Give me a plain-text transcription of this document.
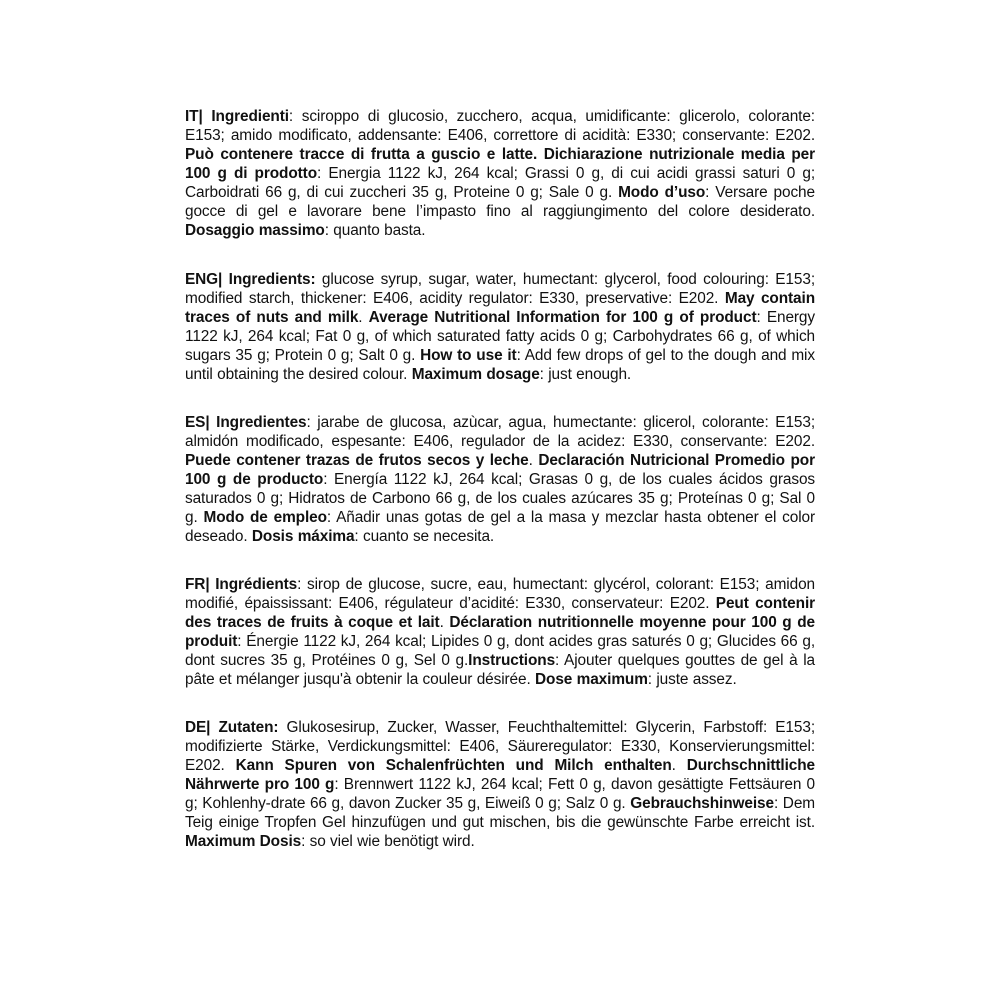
IT| Ingredienti: sciroppo di glucosio, zucchero, acqua, umidificante: glicerolo, colorante: E153; amido modificato, addensante: E406, correttore di acidità: E330; conservante: E202. Può contenere tracce di frutta a guscio e latte. Dichiarazione nutrizionale media per 100 g di prodotto: Energia 1122 kJ, 264 kcal; Grassi 0 g, di cui acidi grassi saturi 0 g; Carboidrati 66 g, di cui zuccheri 35 g, Proteine 0 g; Sale 0 g. Modo d’uso: Versare poche gocce di gel e lavorare bene l’impasto fino al raggiungimento del colore desiderato. Dosaggio massimo: quanto basta.

ENG| Ingredients: glucose syrup, sugar, water, humectant: glycerol, food colouring: E153; modified starch, thickener: E406, acidity regulator: E330, preservative: E202. May contain traces of nuts and milk. Average Nutritional Information for 100 g of product: Energy 1122 kJ, 264 kcal; Fat 0 g, of which saturated fatty acids 0 g; Carbohydrates 66 g, of which sugars 35 g; Protein 0 g; Salt 0 g. How to use it: Add few drops of gel to the dough and mix until obtaining the desired colour. Maximum dosage: just enough.

ES| Ingredientes: jarabe de glucosa, azùcar, agua, humectante: glicerol, colorante: E153; almidón modificado, espesante: E406, regulador de la acidez: E330, conservante: E202. Puede contener trazas de frutos secos y leche. Declaración Nutricional Promedio por 100 g de producto: Energía 1122 kJ, 264 kcal; Grasas 0 g, de los cuales ácidos grasos saturados 0 g; Hidratos de Carbono 66 g, de los cuales azúcares 35 g; Proteínas 0 g; Sal 0 g. Modo de empleo: Añadir unas gotas de gel a la masa y mezclar hasta obtener el color deseado. Dosis máxima: cuanto se necesita.

FR| Ingrédients: sirop de glucose, sucre, eau, humectant: glycérol, colorant: E153; amidon modifié, épaississant: E406, régulateur d’acidité: E330, conservateur: E202. Peut contenir des traces de fruits à coque et lait. Déclaration nutritionnelle moyenne pour 100 g de produit: Énergie 1122 kJ, 264 kcal; Lipides 0 g, dont acides gras saturés 0 g; Glucides 66 g, dont sucres 35 g, Protéines 0 g, Sel 0 g.Instructions: Ajouter quelques gouttes de gel à la pâte et mélanger jusqu'à obtenir la couleur désirée. Dose maximum: juste assez.

DE| Zutaten: Glukosesirup, Zucker, Wasser, Feuchthaltemittel: Glycerin, Farbstoff: E153; modifizierte Stärke, Verdickungsmittel: E406, Säureregulator: E330, Konservierungsmittel: E202. Kann Spuren von Schalenfrüchten und Milch enthalten. Durchschnittliche Nährwerte pro 100 g: Brennwert 1122 kJ, 264 kcal; Fett 0 g, davon gesättigte Fettsäuren 0 g; Kohlenhy-drate 66 g, davon Zucker 35 g, Eiweiß 0 g; Salz 0 g. Gebrauchshinweise: Dem Teig einige Tropfen Gel hinzufügen und gut mischen, bis die gewünschte Farbe erreicht ist. Maximum Dosis: so viel wie benötigt wird.
